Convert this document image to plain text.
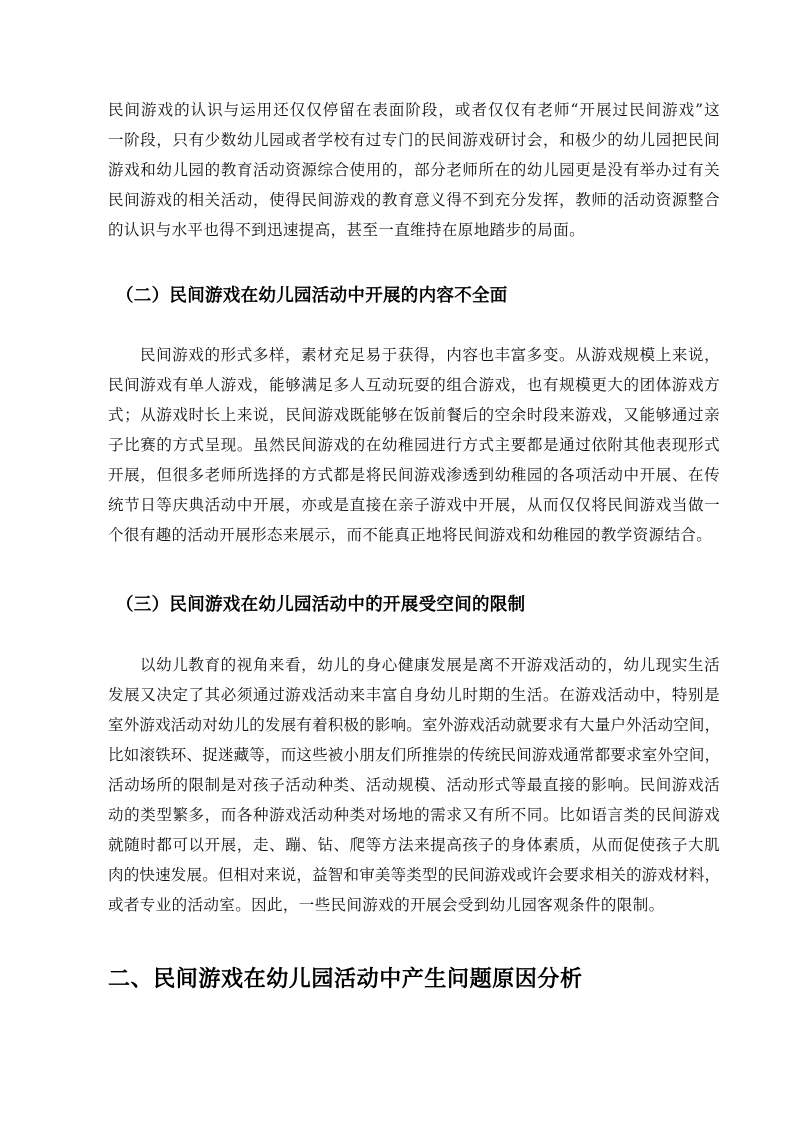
民间游戏的认识与运用还仅仅停留在表面阶段，或者仅仅有老师“开展过民间游戏”这
一阶段，只有少数幼儿园或者学校有过专门的民间游戏研讨会，和极少的幼儿园把民间
游戏和幼儿园的教育活动资源综合使用的，部分老师所在的幼儿园更是没有举办过有关
民间游戏的相关活动，使得民间游戏的教育意义得不到充分发挥，教师的活动资源整合
的认识与水平也得不到迅速提高，甚至一直维持在原地踏步的局面。
（二）民间游戏在幼儿园活动中开展的内容不全面
民间游戏的形式多样，素材充足易于获得，内容也丰富多变。从游戏规模上来说，
民间游戏有单人游戏，能够满足多人互动玩耍的组合游戏，也有规模更大的团体游戏方
式；从游戏时长上来说，民间游戏既能够在饭前餐后的空余时段来游戏，又能够通过亲
子比赛的方式呈现。虽然民间游戏的在幼稚园进行方式主要都是通过依附其他表现形式
开展，但很多老师所选择的方式都是将民间游戏渗透到幼稚园的各项活动中开展、在传
统节日等庆典活动中开展，亦或是直接在亲子游戏中开展，从而仅仅将民间游戏当做一
个很有趣的活动开展形态来展示，而不能真正地将民间游戏和幼稚园的教学资源结合。
（三）民间游戏在幼儿园活动中的开展受空间的限制
以幼儿教育的视角来看，幼儿的身心健康发展是离不开游戏活动的，幼儿现实生活
发展又决定了其必须通过游戏活动来丰富自身幼儿时期的生活。在游戏活动中，特别是
室外游戏活动对幼儿的发展有着积极的影响。室外游戏活动就要求有大量户外活动空间，
比如滚铁环、捉迷藏等，而这些被小朋友们所推崇的传统民间游戏通常都要求室外空间，
活动场所的限制是对孩子活动种类、活动规模、活动形式等最直接的影响。民间游戏活
动的类型繁多，而各种游戏活动种类对场地的需求又有所不同。比如语言类的民间游戏
就随时都可以开展，走、蹦、钻、爬等方法来提高孩子的身体素质，从而促使孩子大肌
肉的快速发展。但相对来说，益智和审美等类型的民间游戏或许会要求相关的游戏材料，
或者专业的活动室。因此，一些民间游戏的开展会受到幼儿园客观条件的限制。
二、民间游戏在幼儿园活动中产生问题原因分析
